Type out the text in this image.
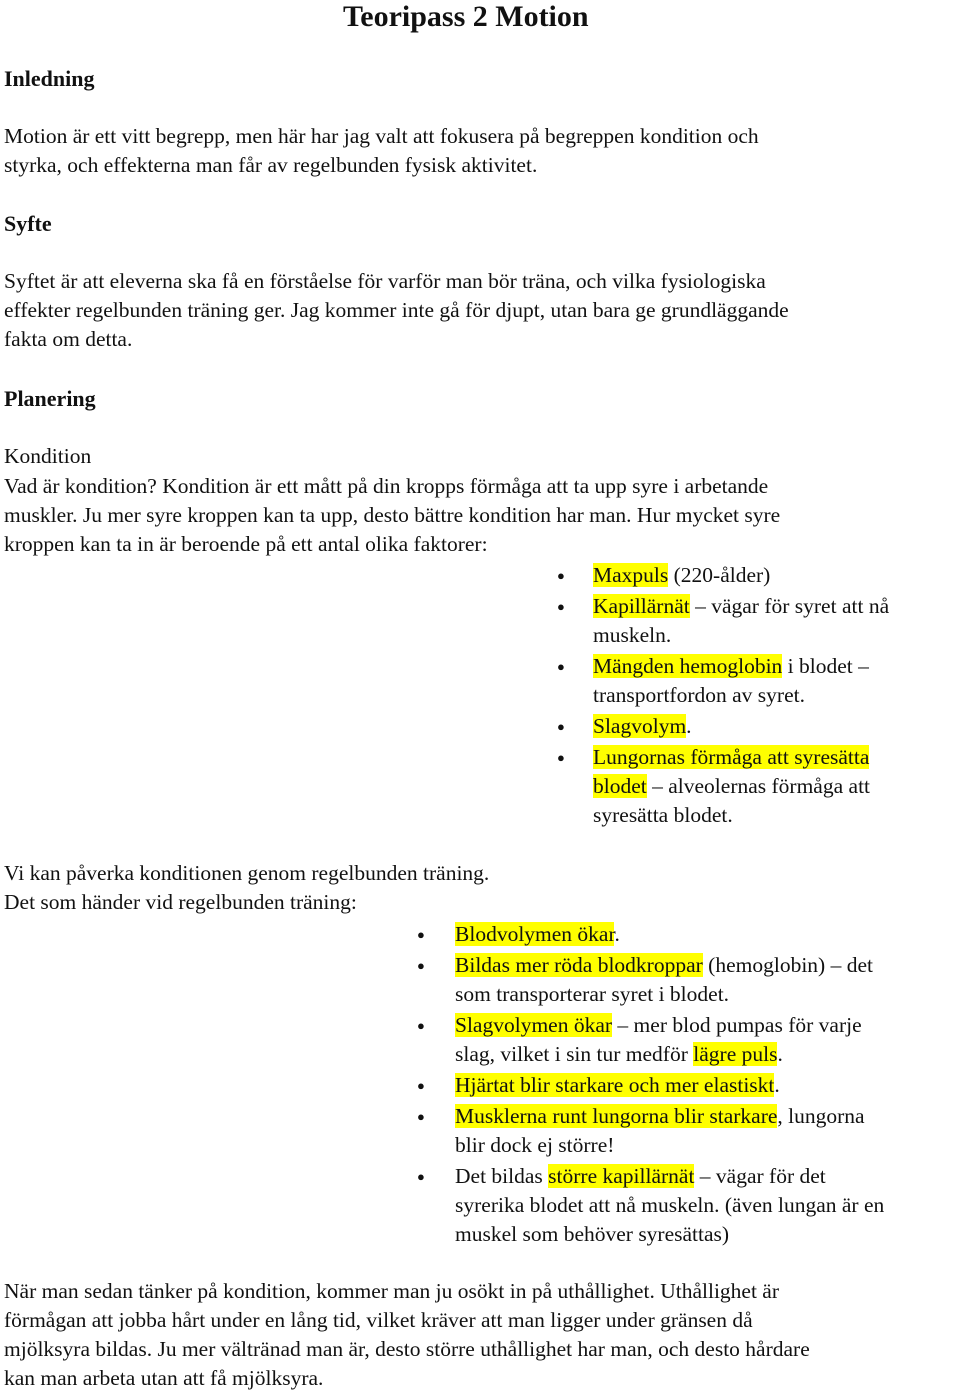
Teoripass 2 Motion
Inledning
Motion är ett vitt begrepp, men här har jag valt att fokusera på begreppen kondition och
styrka, och effekterna man får av regelbunden fysisk aktivitet.
Syfte
Syftet är att eleverna ska få en förståelse för varför man bör träna, och vilka fysiologiska
effekter regelbunden träning ger. Jag kommer inte gå för djupt, utan bara ge grundläggande
fakta om detta.
Planering
Kondition
Vad är kondition? Kondition är ett mått på din kropps förmåga att ta upp syre i arbetande
muskler. Ju mer syre kroppen kan ta upp, desto bättre kondition har man. Hur mycket syre
kroppen kan ta in är beroende på ett antal olika faktorer:
● Maxpuls (220-ålder)
● Kapillärnät – vägar för syret att nå
muskeln.
● Mängden hemoglobin i blodet –
transportfordon av syret.
● Slagvolym.
● Lungornas förmåga att syresätta
blodet – alveolernas förmåga att
syresätta blodet.
Vi kan påverka konditionen genom regelbunden träning.
Det som händer vid regelbunden träning:
● Blodvolymen ökar.
● Bildas mer röda blodkroppar (hemoglobin) – det
som transporterar syret i blodet.
● Slagvolymen ökar – mer blod pumpas för varje
slag, vilket i sin tur medför lägre puls.
● Hjärtat blir starkare och mer elastiskt.
● Musklerna runt lungorna blir starkare, lungorna
blir dock ej större!
● Det bildas större kapillärnät – vägar för det
syrerika blodet att nå muskeln. (även lungan är en
muskel som behöver syresättas)
När man sedan tänker på kondition, kommer man ju osökt in på uthållighet. Uthållighet är
förmågan att jobba hårt under en lång tid, vilket kräver att man ligger under gränsen då
mjölksyra bildas. Ju mer vältränad man är, desto större uthållighet har man, och desto hårdare
kan man arbeta utan att få mjölksyra.
